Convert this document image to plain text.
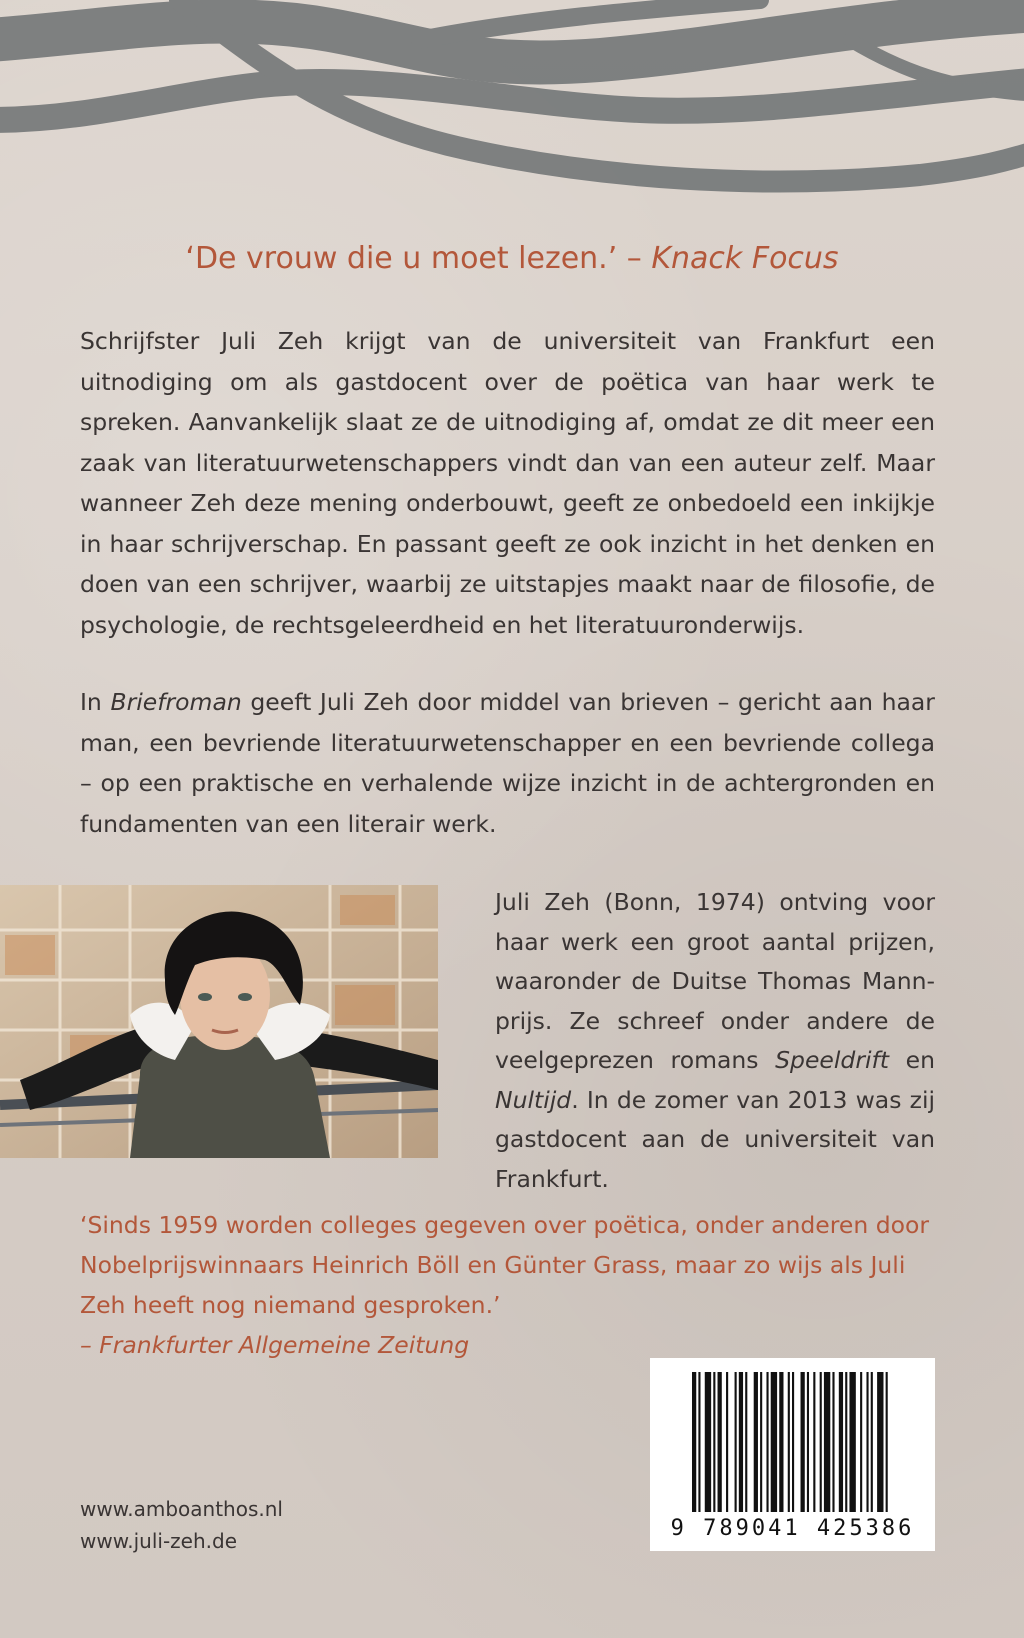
‘De vrouw die u moet lezen.’ – Knack Focus

Schrijfster Juli Zeh krijgt van de universiteit van Frankfurt een uitnodiging om als gastdocent over de poëtica van haar werk te spreken. Aanvankelijk slaat ze de uitnodiging af, omdat ze dit meer een zaak van literatuurwetenschappers vindt dan van een auteur zelf. Maar wanneer Zeh deze mening onderbouwt, geeft ze onbedoeld een inkijkje in haar schrijverschap. En passant geeft ze ook inzicht in het denken en doen van een schrijver, waarbij ze uitstapjes maakt naar de filosofie, de psychologie, de rechtsgeleerdheid en het literatuuronderwijs.

In Briefroman geeft Juli Zeh door middel van brieven – gericht aan haar man, een bevriende literatuurwetenschapper en een bevriende collega – op een praktische en verhalende wijze inzicht in de achtergronden en fundamenten van een literair werk.

Juli Zeh (Bonn, 1974) ontving voor haar werk een groot aantal prijzen, waaronder de Duitse Thomas Mann-prijs. Ze schreef onder andere de veelgeprezen romans Speeldrift en Nultijd. In de zomer van 2013 was zij gastdocent aan de universiteit van Frankfurt.

‘Sinds 1959 worden colleges gegeven over poëtica, onder anderen door Nobelprijswinnaars Heinrich Böll en Günter Grass, maar zo wijs als Juli Zeh heeft nog niemand gesproken.’

– Frankfurter Allgemeine Zeitung
www.amboanthos.nl
www.juli-zeh.de	9 789041 425386
